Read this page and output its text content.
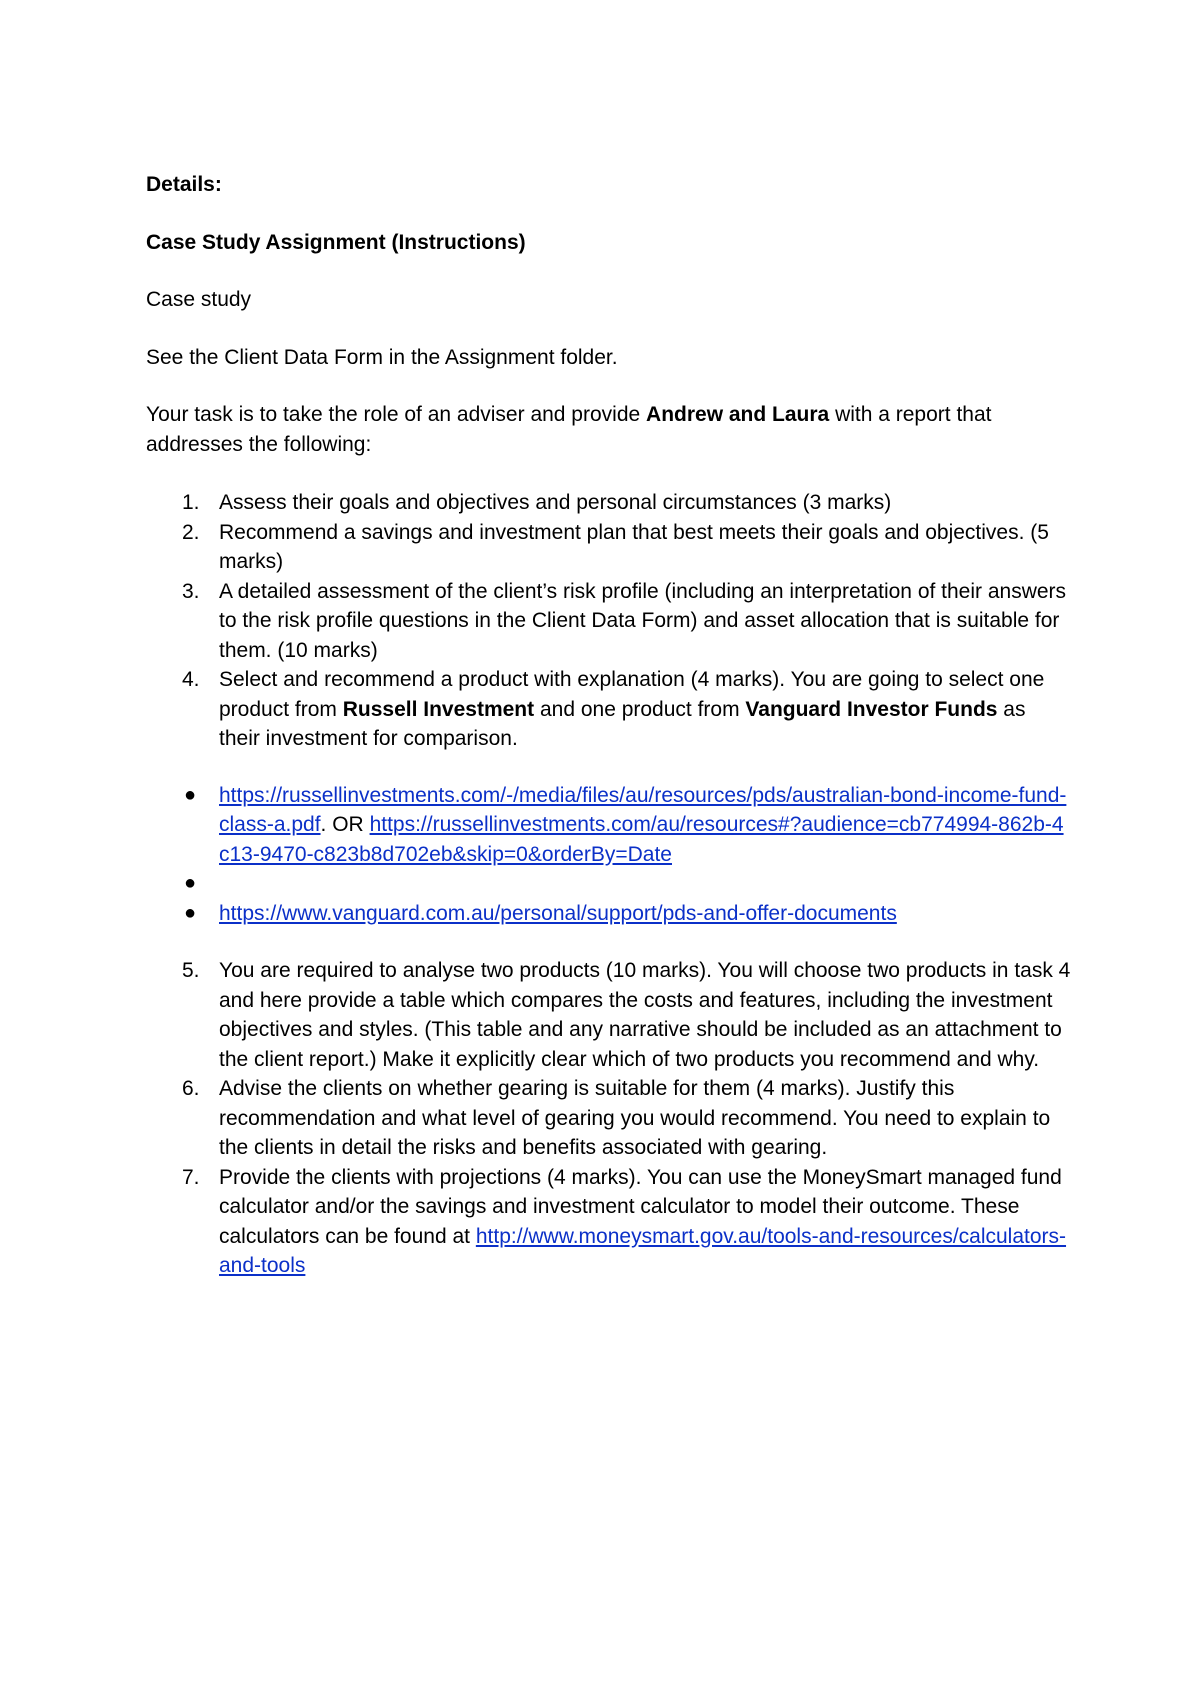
Details:

Case Study Assignment (Instructions)

Case study

See the Client Data Form in the Assignment folder.

Your task is to take the role of an adviser and provide Andrew and Laura with a report that addresses the following:

1. Assess their goals and objectives and personal circumstances (3 marks)
2. Recommend a savings and investment plan that best meets their goals and objectives. (5 marks)
3. A detailed assessment of the client’s risk profile (including an interpretation of their answers to the risk profile questions in the Client Data Form) and asset allocation that is suitable for them. (10 marks)
4. Select and recommend a product with explanation (4 marks). You are going to select one product from Russell Investment and one product from Vanguard Investor Funds as their investment for comparison.
● https://russellinvestments.com/-/media/files/au/resources/pds/australian-bond-income-fund-class-a.pdf. OR https://russellinvestments.com/au/resources#?audience=cb774994-862b-4c13-9470-c823b8d702eb&skip=0&orderBy=Date
●
● https://www.vanguard.com.au/personal/support/pds-and-offer-documents
5. You are required to analyse two products (10 marks). You will choose two products in task 4 and here provide a table which compares the costs and features, including the investment objectives and styles. (This table and any narrative should be included as an attachment to the client report.) Make it explicitly clear which of two products you recommend and why.
6. Advise the clients on whether gearing is suitable for them (4 marks). Justify this recommendation and what level of gearing you would recommend. You need to explain to the clients in detail the risks and benefits associated with gearing.
7. Provide the clients with projections (4 marks). You can use the MoneySmart managed fund calculator and/or the savings and investment calculator to model their outcome. These calculators can be found at http://www.moneysmart.gov.au/tools-and-resources/calculators-and-tools
